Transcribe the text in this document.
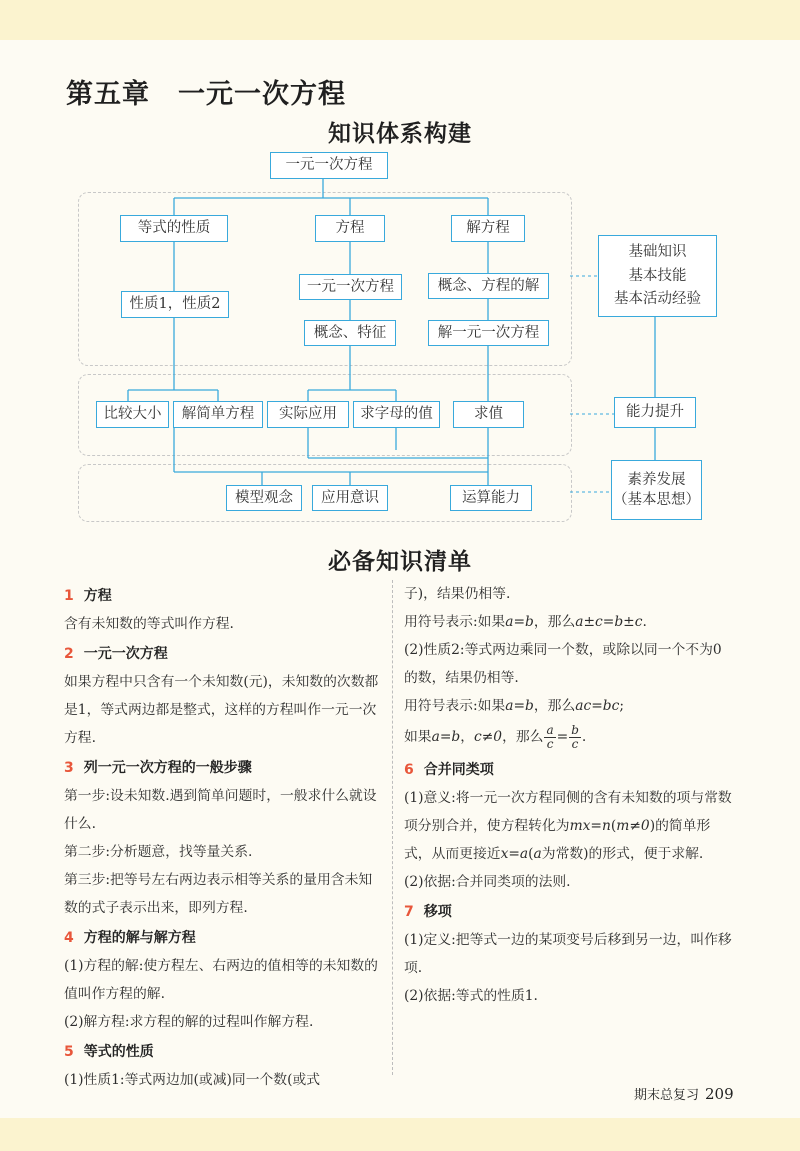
第五章　一元一次方程
知识体系构建
一元一次方程
等式的性质	方程	解方程
性质1，性质2
一元一次方程
概念、特征
概念、方程的解
解一元一次方程
比较大小	解简单方程	实际应用	求字母的值	求值
模型观念	应用意识	运算能力
基础知识
基本技能
基本活动经验
能力提升
素养发展
（基本思想）
必备知识清单

1 方程

含有未知数的等式叫作方程.

2 一元一次方程

如果方程中只含有一个未知数(元)，未知数的次数都是1，等式两边都是整式，这样的方程叫作一元一次方程.

3 列一元一次方程的一般步骤

第一步:设未知数.遇到简单问题时，一般求什么就设什么.

第二步:分析题意，找等量关系.

第三步:把等号左右两边表示相等关系的量用含未知数的式子表示出来，即列方程.

4 方程的解与解方程

(1)方程的解:使方程左、右两边的值相等的未知数的值叫作方程的解.

(2)解方程:求方程的解的过程叫作解方程.

5 等式的性质

(1)性质1:等式两边加(或减)同一个数(或式

子)，结果仍相等.

用符号表示:如果a=b，那么a±c=b±c.

(2)性质2:等式两边乘同一个数，或除以同一个不为0的数，结果仍相等.

用符号表示:如果a=b，那么ac=bc;

如果a=b，c≠0，那么 $\frac{a}{c} = \frac{b}{c}$ .

6 合并同类项

(1)意义:将一元一次方程同侧的含有未知数的项与常数项分别合并，使方程转化为mx=n(m≠0)的简单形式，从而更接近x=a(a为常数)的形式，便于求解.

(2)依据:合并同类项的法则.

7 移项

(1)定义:把等式一边的某项变号后移到另一边，叫作移项.

(2)依据:等式的性质1.

期末总复习 209
